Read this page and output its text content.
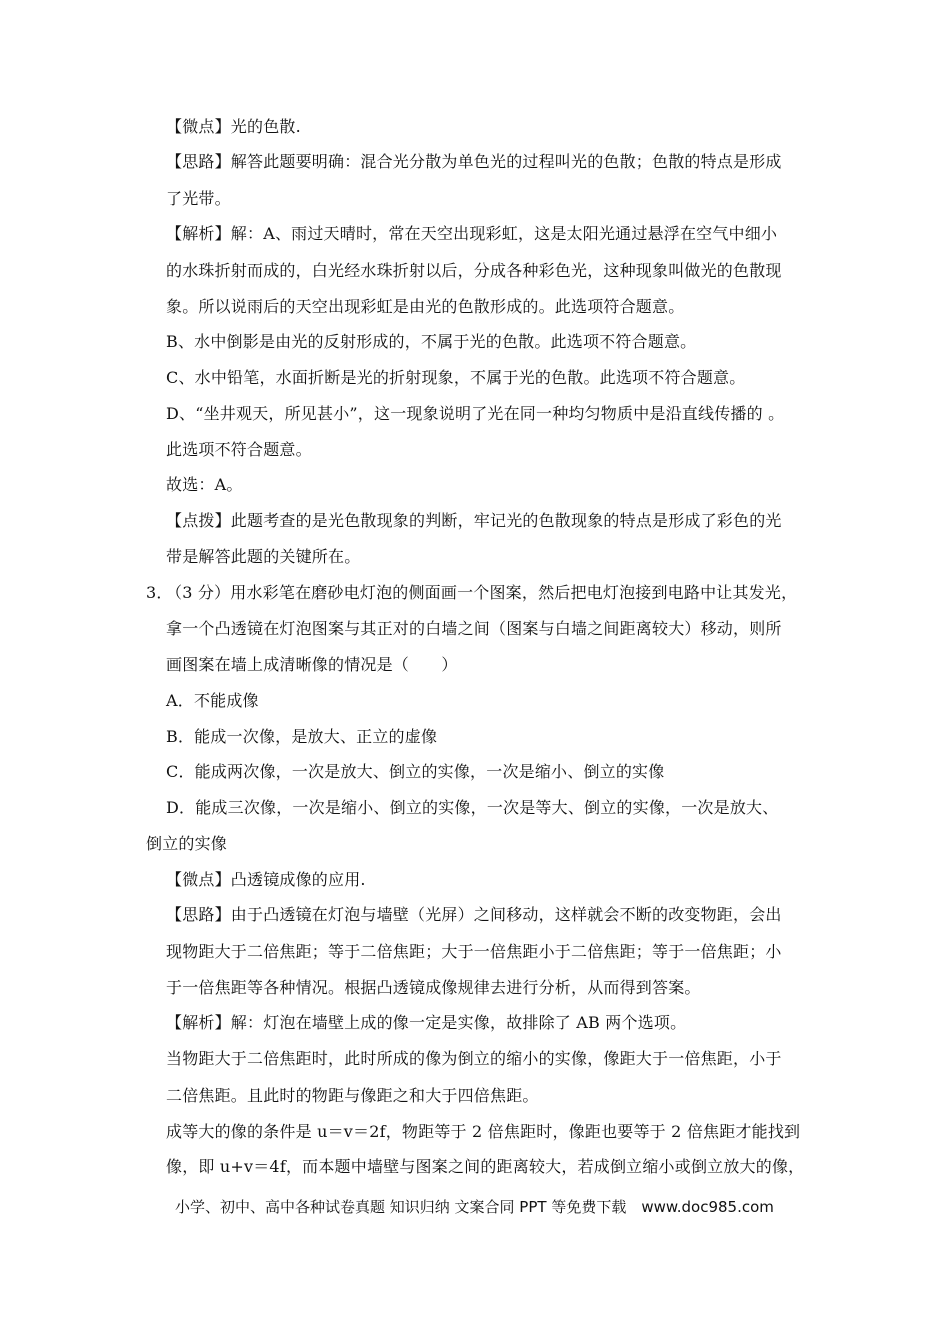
【微点】光的色散.
【思路】解答此题要明确：混合光分散为单色光的过程叫光的色散；色散的特点是形成
了光带。
【解析】解：A、雨过天晴时，常在天空出现彩虹，这是太阳光通过悬浮在空气中细小
的水珠折射而成的，白光经水珠折射以后，分成各种彩色光，这种现象叫做光的色散现
象。所以说雨后的天空出现彩虹是由光的色散形成的。此选项符合题意。
B、水中倒影是由光的反射形成的，不属于光的色散。此选项不符合题意。
C、水中铅笔，水面折断是光的折射现象，不属于光的色散。此选项不符合题意。
D、“坐井观天，所见甚小”，这一现象说明了光在同一种均匀物质中是沿直线传播的 。
此选项不符合题意。
故选：A。
【点拨】此题考查的是光色散现象的判断，牢记光的色散现象的特点是形成了彩色的光
带是解答此题的关键所在。
3．
（3 分）用水彩笔在磨砂电灯泡的侧面画一个图案，然后把电灯泡接到电路中让其发光，
拿一个凸透镜在灯泡图案与其正对的白墙之间（图案与白墙之间距离较大）移动，则所
画图案在墙上成清晰像的情况是（　　）
A．不能成像
B．能成一次像，是放大、正立的虚像
C．能成两次像，一次是放大、倒立的实像，一次是缩小、倒立的实像
D．能成三次像，一次是缩小、倒立的实像，一次是等大、倒立的实像，一次是放大、
倒立的实像
【微点】凸透镜成像的应用.
【思路】由于凸透镜在灯泡与墙壁（光屏）之间移动，这样就会不断的改变物距，会出
现物距大于二倍焦距；等于二倍焦距；大于一倍焦距小于二倍焦距；等于一倍焦距；小
于一倍焦距等各种情况。根据凸透镜成像规律去进行分析，从而得到答案。
【解析】解：灯泡在墙壁上成的像一定是实像，故排除了 AB 两个选项。
当物距大于二倍焦距时，此时所成的像为倒立的缩小的实像，像距大于一倍焦距，小于
二倍焦距。且此时的物距与像距之和大于四倍焦距。
成等大的像的条件是 u＝v＝2f，物距等于 2 倍焦距时，像距也要等于 2 倍焦距才能找到
像，即 u+v＝4f，而本题中墙壁与图案之间的距离较大，若成倒立缩小或倒立放大的像，
小学、初中、高中各种试卷真题 知识归纳 文案合同 PPT 等免费下载　www.doc985.com
